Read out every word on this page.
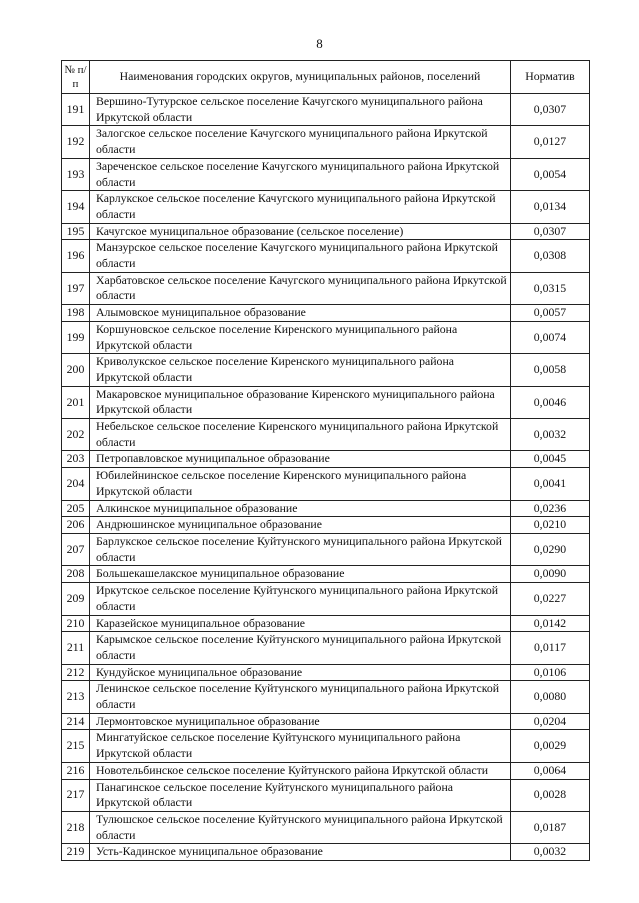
8
№ п/п	Наименования городских округов, муниципальных районов, поселений	Норматив
191	Вершино-Тутурское сельское поселение Качугского муниципального района Иркутской области	0,0307
192	Залогское сельское поселение Качугского муниципального района Иркутской области	0,0127
193	Зареченское сельское поселение Качугского муниципального района Иркутской области	0,0054
194	Карлукское сельское поселение Качугского муниципального района Иркутской области	0,0134
195	Качугское муниципальное образование (сельское поселение)	0,0307
196	Манзурское сельское поселение Качугского муниципального района Иркутской области	0,0308
197	Харбатовское сельское поселение Качугского муниципального района Иркутской области	0,0315
198	Алымовское муниципальное образование	0,0057
199	Коршуновское сельское поселение Киренского муниципального района Иркутской области	0,0074
200	Криволукское сельское поселение Киренского муниципального района Иркутской области	0,0058
201	Макаровское муниципальное образование Киренского муниципального района Иркутской области	0,0046
202	Небельское сельское поселение Киренского муниципального района Иркутской области	0,0032
203	Петропавловское муниципальное образование	0,0045
204	Юбилейнинское сельское поселение Киренского муниципального района Иркутской области	0,0041
205	Алкинское муниципальное образование	0,0236
206	Андрюшинское муниципальное образование	0,0210
207	Барлукское сельское поселение Куйтунского муниципального района Иркутской области	0,0290
208	Большекашелакское муниципальное образование	0,0090
209	Иркутское сельское поселение Куйтунского муниципального района Иркутской области	0,0227
210	Каразейское муниципальное образование	0,0142
211	Карымское сельское поселение Куйтунского муниципального района Иркутской области	0,0117
212	Кундуйское муниципальное образование	0,0106
213	Ленинское сельское поселение Куйтунского муниципального района Иркутской области	0,0080
214	Лермонтовское муниципальное образование	0,0204
215	Мингатуйское сельское поселение Куйтунского муниципального района Иркутской области	0,0029
216	Новотельбинское сельское поселение Куйтунского района Иркутской области	0,0064
217	Панагинское сельское поселение Куйтунского муниципального района Иркутской области	0,0028
218	Тулюшское сельское поселение Куйтунского муниципального района Иркутской области	0,0187
219	Усть-Кадинское муниципальное образование	0,0032
